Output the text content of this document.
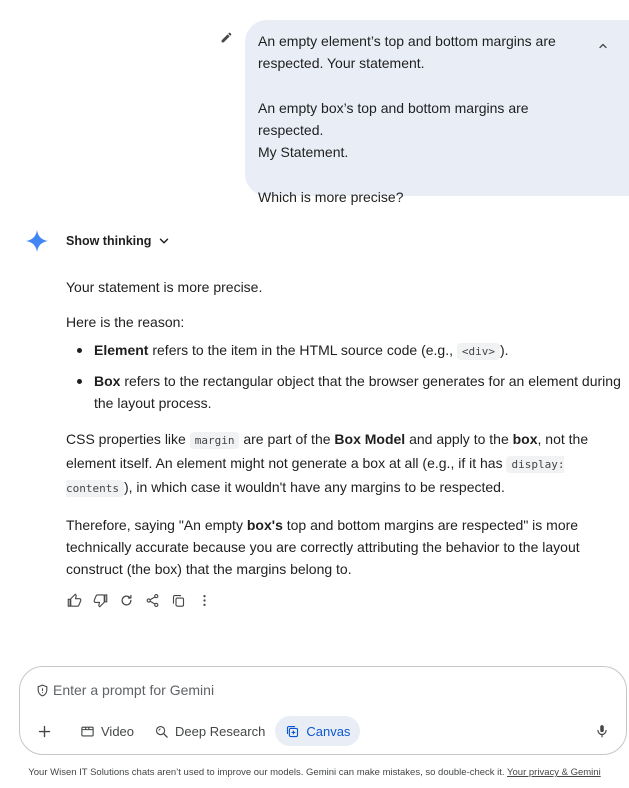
An empty element’s top and bottom margins are

respected. Your statement.

An empty box’s top and bottom margins are respected.

My Statement.

Which is more precise?

Show thinking

Your statement is more precise.

Here is the reason:

Element refers to the item in the HTML source code (e.g., <div> ).
Box refers to the rectangular object that the browser generates for an element during the layout process.

CSS properties like margin are part of the Box Model and apply to the box, not the element itself. An element might not generate a box at all (e.g., if it has display: contents ), in which case it wouldn't have any margins to be respected.

Therefore, saying "An empty box's top and bottom margins are respected" is more technically accurate because you are correctly attributing the behavior to the layout construct (the box) that the margins belong to.

Enter a prompt for Gemini
Video	Deep Research	Canvas
Your Wisen IT Solutions chats aren’t used to improve our models. Gemini can make mistakes, so double-check it. Your privacy & Gemini
